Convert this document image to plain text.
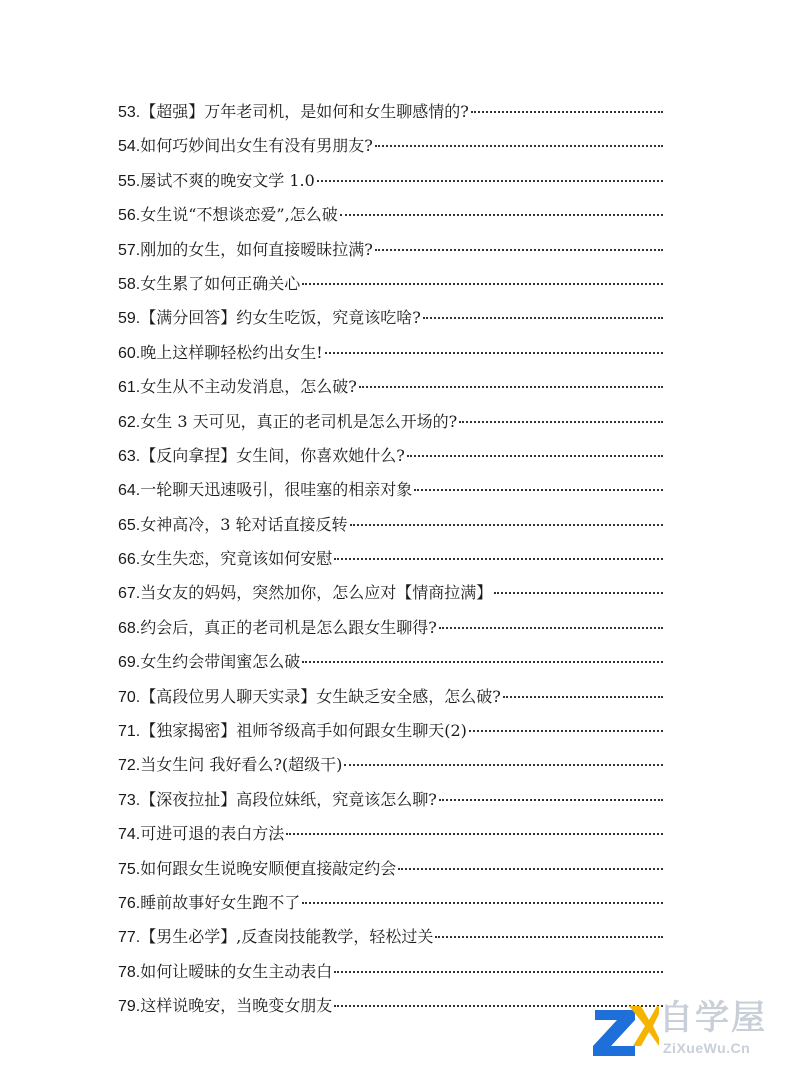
53. 【超强】万年老司机，是如何和女生聊感情的?
54. 如何巧妙间出女生有没有男朋友?
55. 屡试不爽的晚安文学 1.0
56. 女生说“不想谈恋爱”,怎么破
57. 刚加的女生，如何直接暧昧拉满?
58. 女生累了如何正确关心
59. 【满分回答】约女生吃饭，究竟该吃啥?
60. 晚上这样聊轻松约出女生!
61. 女生从不主动发消息，怎么破?
62. 女生 3 天可见，真正的老司机是怎么开场的?
63. 【反向拿捏】女生间，你喜欢她什么?
64. 一轮聊天迅速吸引，很哇塞的相亲对象
65. 女神高冷，3 轮对话直接反转
66. 女生失恋，究竟该如何安慰
67. 当女友的妈妈，突然加你，怎么应对【情商拉满】
68. 约会后，真正的老司机是怎么跟女生聊得?
69. 女生约会带闺蜜怎么破
70. 【高段位男人聊天实录】女生缺乏安全感，怎么破?
71. 【独家揭密】祖师爷级高手如何跟女生聊天(2)
72. 当女生问 我好看么?(超级干)
73. 【深夜拉扯】高段位妹纸，究竟该怎么聊?
74. 可进可退的表白方法
75. 如何跟女生说晚安顺便直接敲定约会
76. 睡前故事好女生跑不了
77. 【男生必学】,反查岗技能教学，轻松过关
78. 如何让暧昧的女生主动表白
79. 这样说晚安，当晚变女朋友	自学屋
ZiXueWu.Cn
